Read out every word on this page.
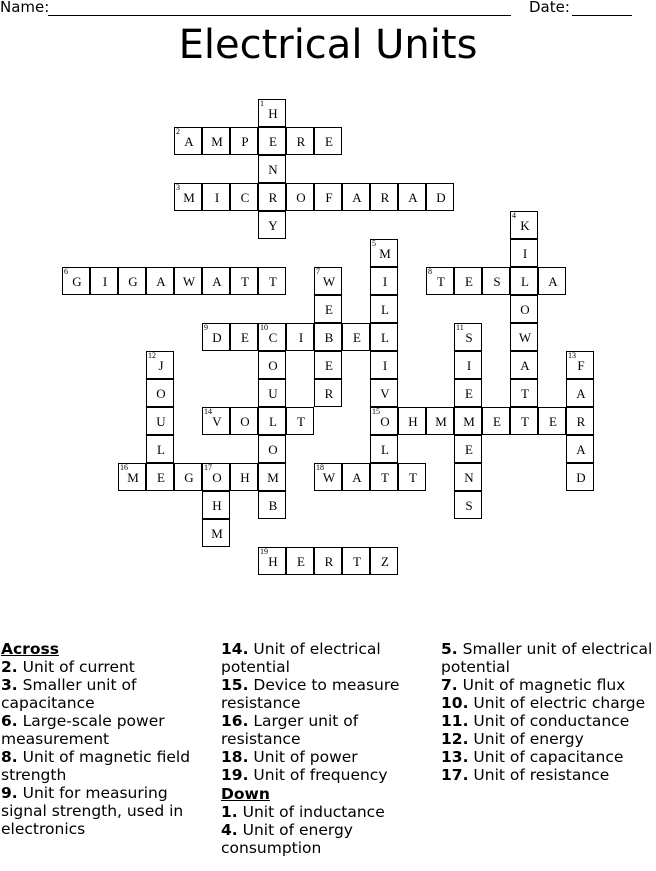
Name:	Date:
Electrical Units
1
H
2
A	M	P	E	R	E
N
3
M	I	C	R	O	F	A	R	A	D
Y
4
K
5
M	I
6
G	I	G	A	W	A	T	T
7
W	I
8
T	E	S	L	A
E	L	O
9
D	E
10
C	I	B	E	L
11
S	W
12
J	O	E	I	I	A
13
F
O	U	R	V	E	T	A
U
14
V	O	L	T
15
O	H	M	M	E	T	E	R
L	O	L	E	A
16
M	E	G
17
O	H	M
18
W	A	T	T	N	D
H	B	S
M
19
H	E	R	T	Z
Across
2. Unit of current
3. Smaller unit of capacitance
6. Large-scale power measurement
8. Unit of magnetic field strength
9. Unit for measuring signal strength, used in electronics
14. Unit of electrical potential
15. Device to measure resistance
16. Larger unit of resistance
18. Unit of power
19. Unit of frequency
Down
1. Unit of inductance
4. Unit of energy consumption
5. Smaller unit of electrical potential
7. Unit of magnetic flux
10. Unit of electric charge
11. Unit of conductance
12. Unit of energy
13. Unit of capacitance
17. Unit of resistance
